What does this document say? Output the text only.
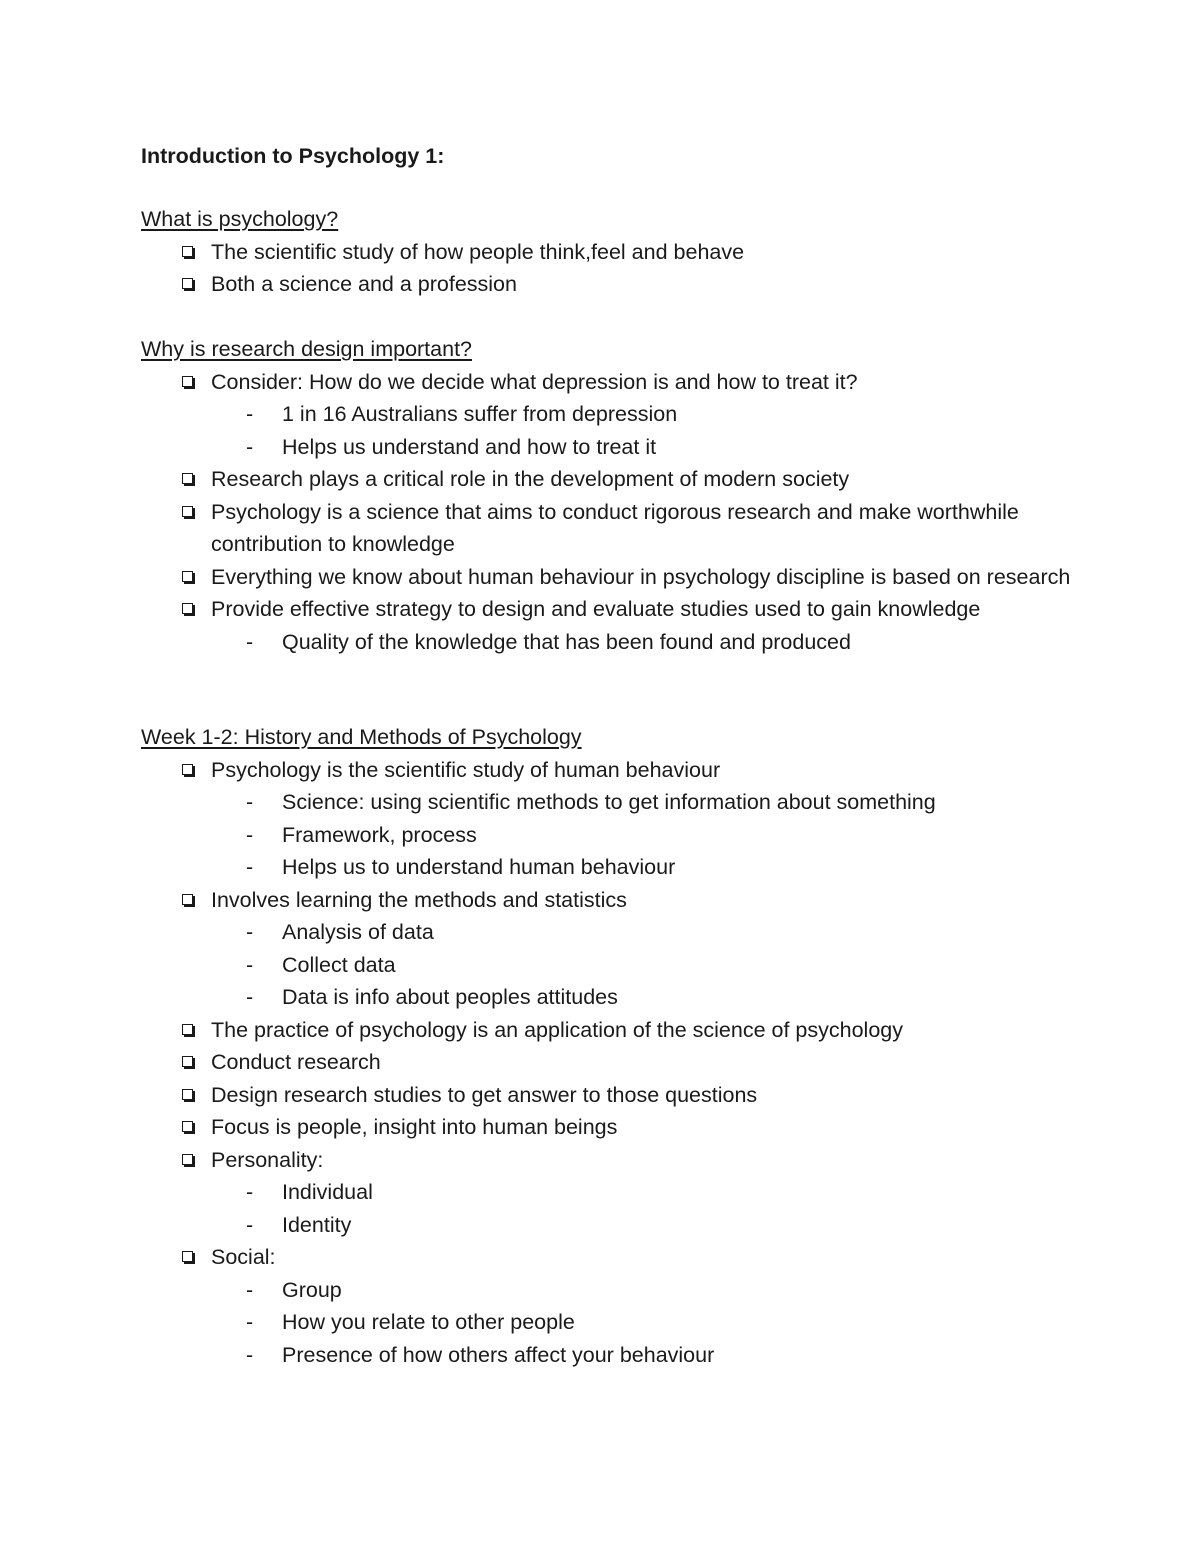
Introduction to Psychology 1:
What is psychology?
The scientific study of how people think,feel and behave
Both a science and a profession
Why is research design important?
Consider: How do we decide what depression is and how to treat it?
- 1 in 16 Australians suffer from depression
- Helps us understand and how to treat it
Research plays a critical role in the development of modern society
Psychology is a science that aims to conduct rigorous research and make worthwhile contribution to knowledge
Everything we know about human behaviour in psychology discipline is based on research
Provide effective strategy to design and evaluate studies used to gain knowledge
- Quality of the knowledge that has been found and produced
Week 1-2: History and Methods of Psychology
Psychology is the scientific study of human behaviour
- Science: using scientific methods to get information about something
- Framework, process
- Helps us to understand human behaviour
Involves learning the methods and statistics
- Analysis of data
- Collect data
- Data is info about peoples attitudes
The practice of psychology is an application of the science of psychology
Conduct research
Design research studies to get answer to those questions
Focus is people, insight into human beings
Personality:
- Individual
- Identity
Social:
- Group
- How you relate to other people
- Presence of how others affect your behaviour
